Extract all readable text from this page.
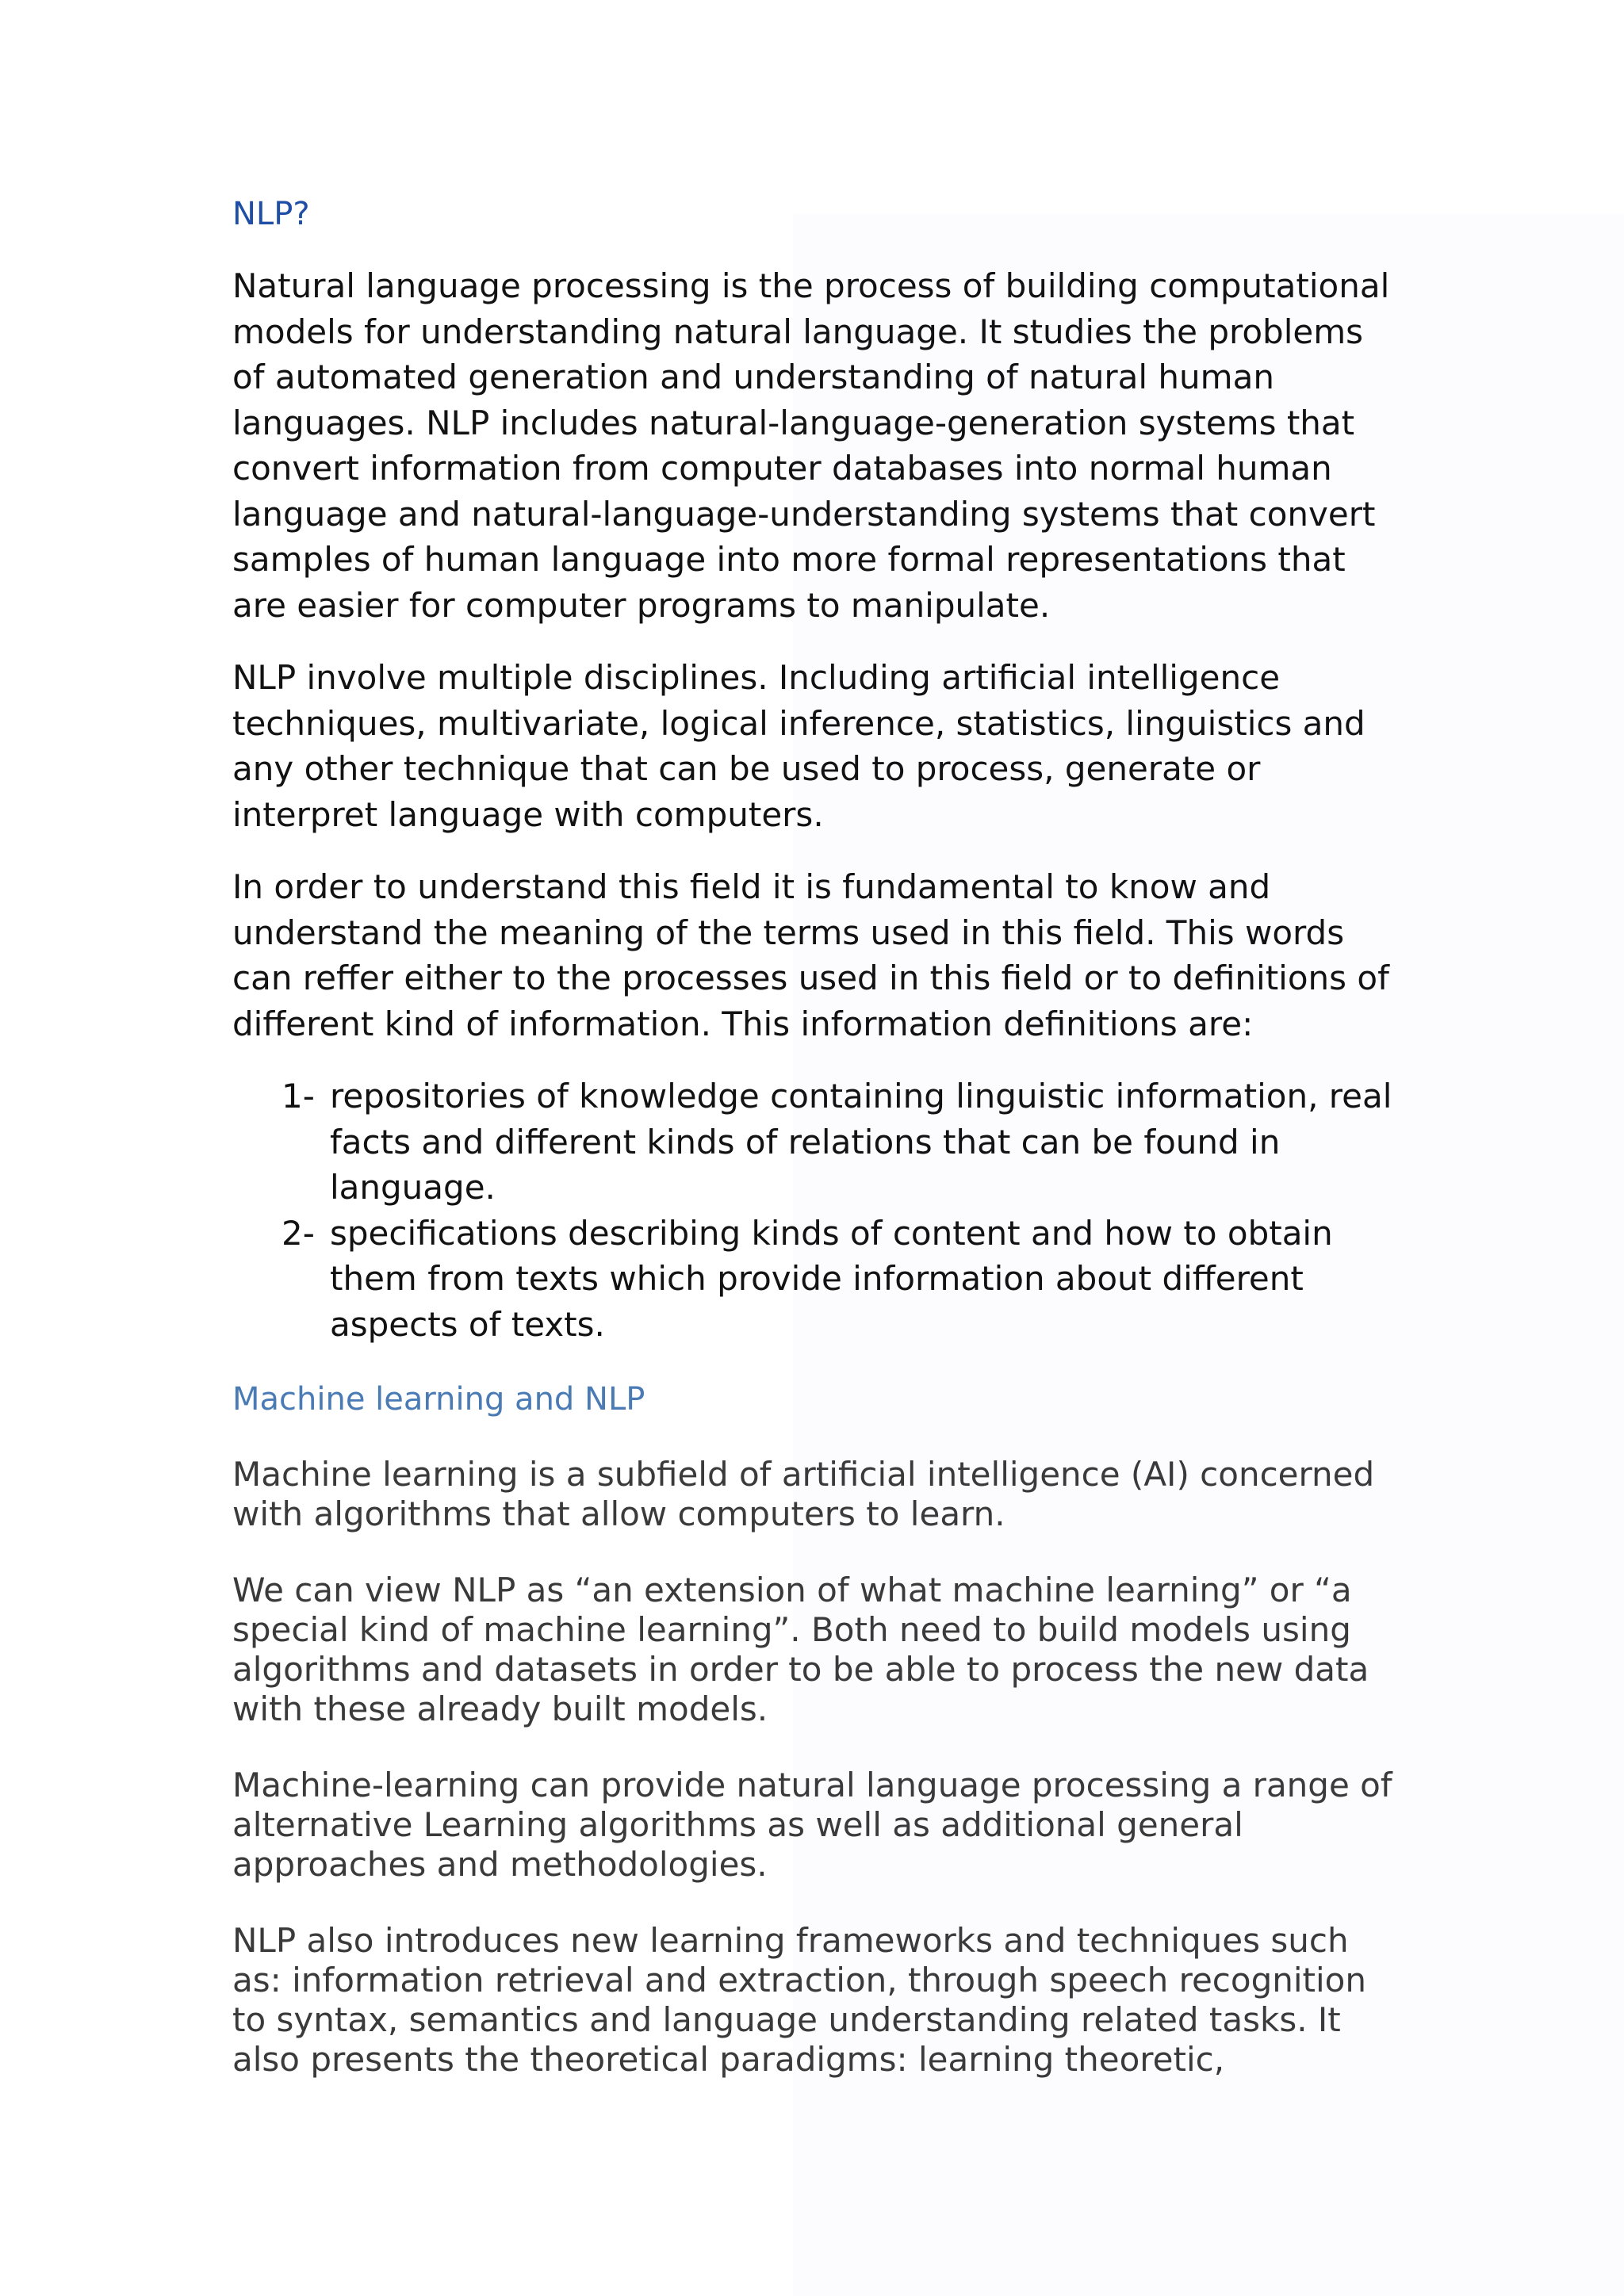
NLP?

Natural language processing is the process of building computational models for understanding natural language. It studies the problems of automated generation and understanding of natural human languages. NLP includes natural-language-generation systems that convert information from computer databases into normal human language and natural-language-understanding systems that convert samples of human language into more formal representations that are easier for computer programs to manipulate.

NLP involve multiple disciplines. Including artificial intelligence techniques, multivariate, logical inference, statistics, linguistics and any other technique that can be used to process, generate or interpret language with computers.

In order to understand this field it is fundamental to know and understand the meaning of the terms used in this field. This words can reffer either to the processes used in this field or to definitions of different kind of information. This information definitions are:

1- repositories of knowledge containing linguistic information, real facts and different kinds of relations that can be found in language.
2- specifications describing kinds of content and how to obtain them from texts which provide information about different aspects of texts.
Machine learning and NLP

Machine learning is a subfield of artificial intelligence (AI) concerned with algorithms that allow computers to learn.

We can view NLP as “an extension of what machine learning” or “a special kind of machine learning”. Both need to build models using algorithms and datasets in order to be able to process the new data with these already built models.

Machine-learning can provide natural language processing a range of alternative Learning algorithms as well as additional general approaches and methodologies.

NLP also introduces new learning frameworks and techniques such as: information retrieval and extraction, through speech recognition to syntax, semantics and language understanding related tasks. It also presents the theoretical paradigms: learning theoretic,
